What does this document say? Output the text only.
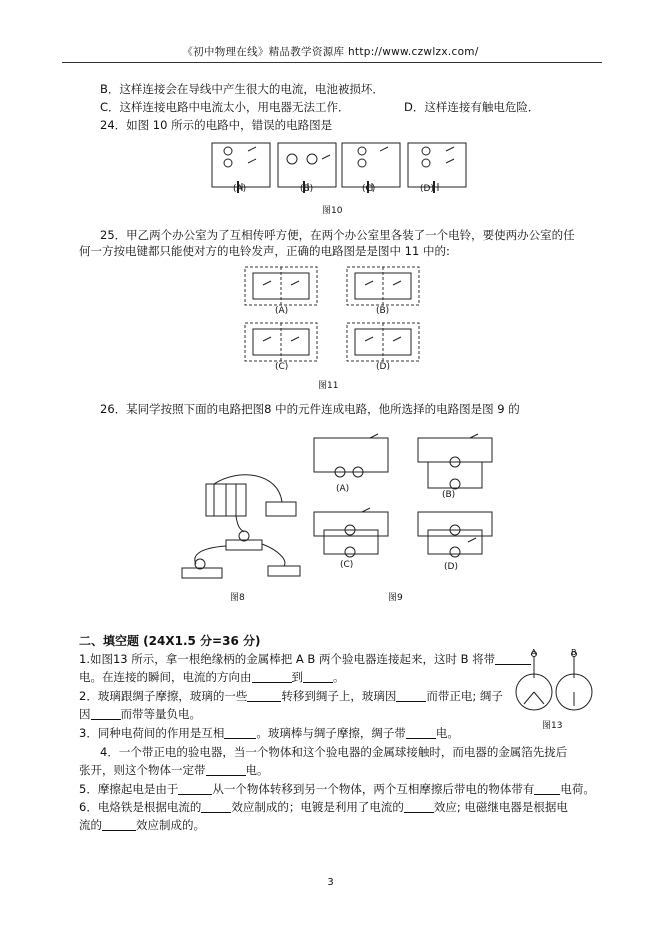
《初中物理在线》精品教学资源库 http://www.czwlzx.com/
B．这样连接会在导线中产生很大的电流，电池被损坏．
C．这样连接电路中电流太小，用电器无法工作．	D．这样连接有触电危险．
24．如图 10 所示的电路中，错误的电路图是
(A)	(B)	(C)	(D)
图10
25．甲乙两个办公室为了互相传呼方便，在两个办公室里各装了一个电铃，要使两办公室的任
何一方按电键都只能使对方的电铃发声，正确的电路图是是图中 11 中的:
(A)	(B)
(C)	(D)
图11
26．某同学按照下面的电路把图8 中的元件连成电路，他所选择的电路图是图 9 的
图8
(A)
(B)
(C)	(D)
图9
二、填空题 (24X1.5 分=36 分)
1.如图13 所示，拿一根绝缘柄的金属棒把 A B 两个验电器连接起来，这时 B 将带
电。在连接的瞬间，电流的方向由	到	。
2．玻璃跟绸子摩擦，玻璃的一些	转移到绸子上，玻璃因	而带正电; 绸子
因	而带等量负电。
3．同种电荷间的作用是互相	。玻璃棒与绸子摩擦，绸子带	电。
4．一个带正电的验电器，当一个物体和这个验电器的金属球接触时，而电器的金属箔先拢后
张开，则这个物体一定带	电。
5．摩擦起电是由于	从一个物体转移到另一个物体，两个互相摩擦后带电的物体带有 电荷。
6．电烙铁是根据电流的	效应制成的；电镀是利用了电流的	效应; 电磁继电器是根据电
流的	效应制成的。
A	B
图13
3
